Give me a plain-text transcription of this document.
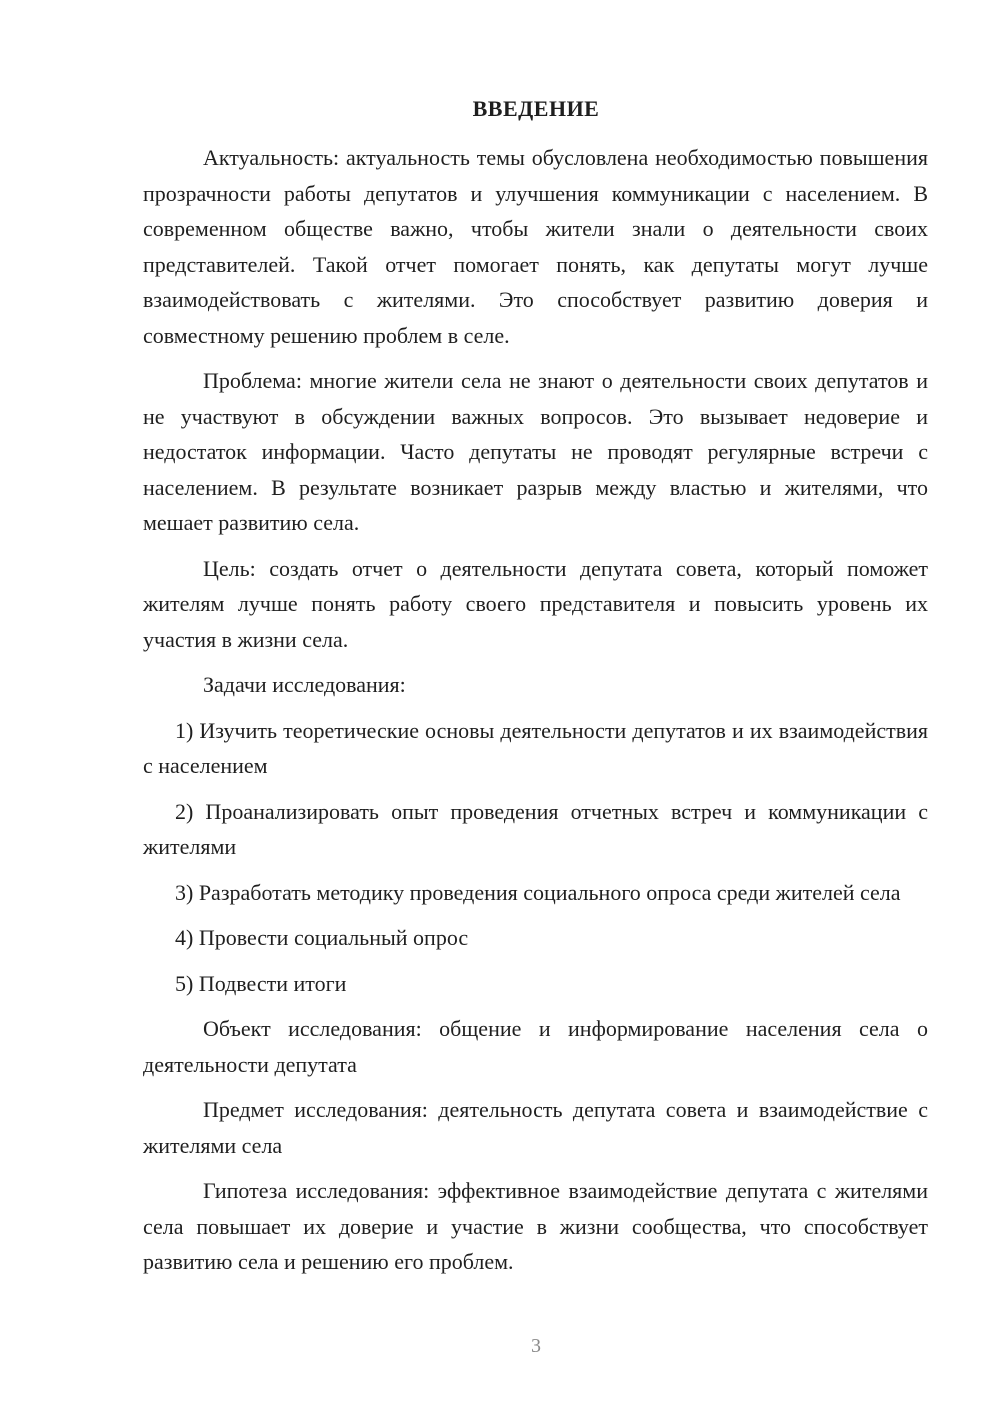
ВВЕДЕНИЕ

Актуальность: актуальность темы обусловлена необходимостью повышения прозрачности работы депутатов и улучшения коммуникации с населением. В современном обществе важно, чтобы жители знали о деятельности своих представителей. Такой отчет помогает понять, как депутаты могут лучше взаимодействовать с жителями. Это способствует развитию доверия и совместному решению проблем в селе.

Проблема: многие жители села не знают о деятельности своих депутатов и не участвуют в обсуждении важных вопросов. Это вызывает недоверие и недостаток информации. Часто депутаты не проводят регулярные встречи с населением. В результате возникает разрыв между властью и жителями, что мешает развитию села.

Цель: создать отчет о деятельности депутата совета, который поможет жителям лучше понять работу своего представителя и повысить уровень их участия в жизни села.

Задачи исследования:

1) Изучить теоретические основы деятельности депутатов и их взаимодействия с населением

2) Проанализировать опыт проведения отчетных встреч и коммуникации с жителями

3) Разработать методику проведения социального опроса среди жителей села

4) Провести социальный опрос

5) Подвести итоги

Объект исследования: общение и информирование населения села о деятельности депутата

Предмет исследования: деятельность депутата совета и взаимодействие с жителями села

Гипотеза исследования: эффективное взаимодействие депутата с жителями села повышает их доверие и участие в жизни сообщества, что способствует развитию села и решению его проблем.

3
